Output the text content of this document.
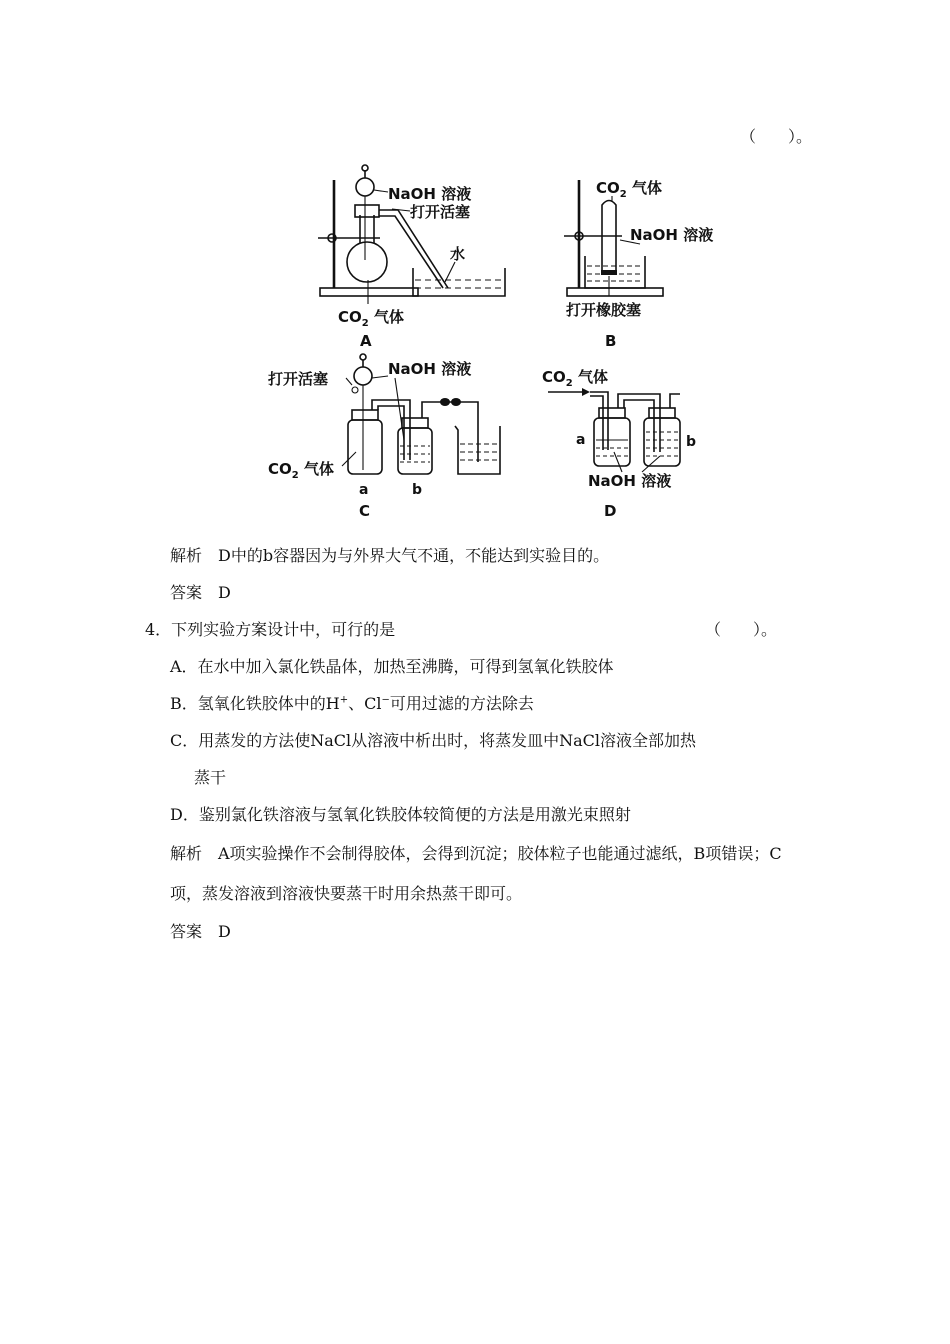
（　　）。
NaOH 溶液
打开活塞
水
$CO_2$ 气体
A
$CO_2$ 气体
NaOH 溶液
打开橡胶塞
B
打开活塞
NaOH 溶液
$CO_2$ 气体
a	b
C
$CO_2$ 气体
a	b
NaOH 溶液
D
解析　D中的b容器因为与外界大气不通，不能达到实验目的。
答案　D
4．下列实验方案设计中，可行的是	（　　）。
A．在水中加入氯化铁晶体，加热至沸腾，可得到氢氧化铁胶体
B．氢氧化铁胶体中的H+、Cl−可用过滤的方法除去
C．用蒸发的方法使NaCl从溶液中析出时，将蒸发皿中NaCl溶液全部加热
蒸干
D．鉴别氯化铁溶液与氢氧化铁胶体较简便的方法是用激光束照射
解析　A项实验操作不会制得胶体，会得到沉淀；胶体粒子也能通过滤纸，B项错误；C
项，蒸发溶液到溶液快要蒸干时用余热蒸干即可。
答案　D
